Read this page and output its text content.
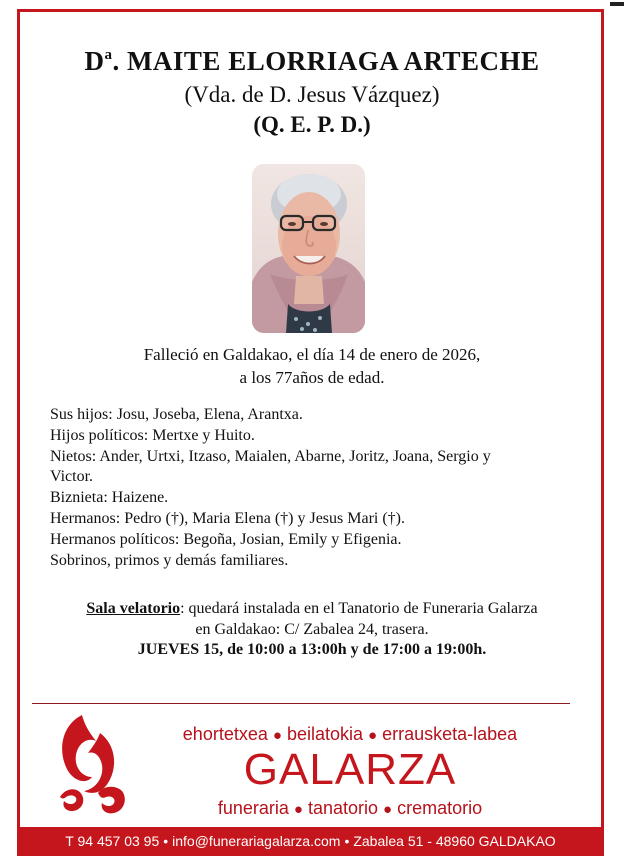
$D^a$. MAITE ELORRIAGA ARTECHE
(Vda. de D. Jesus Vázquez)
(Q. E. P. D.)
Falleció en Galdakao, el día 14 de enero de 2026,
a los 77años de edad.
Sus hijos: Josu, Joseba, Elena, Arantxa.
Hijos políticos: Mertxe y Huito.
Nietos: Ander, Urtxi, Itzaso, Maialen, Abarne, Joritz, Joana, Sergio y
Victor.
Biznieta: Haizene.
Hermanos: Pedro (†), Maria Elena (†) y Jesus Mari (†).
Hermanos políticos: Begoña, Josian, Emily y Efigenia.
Sobrinos, primos y demás familiares.
Sala velatorio: quedará instalada en el Tanatorio de Funeraria Galarza
en Galdakao: C/ Zabalea 24, trasera.
JUEVES 15, de 10:00 a 13:00h y de 17:00 a 19:00h.
ehortetxea ● beilatokia ● errausketa-labea
GALARZA
funeraria ● tanatorio ● crematorio
T 94 457 03 95 • info@funerariagalarza.com • Zabalea 51 - 48960 GALDAKAO
